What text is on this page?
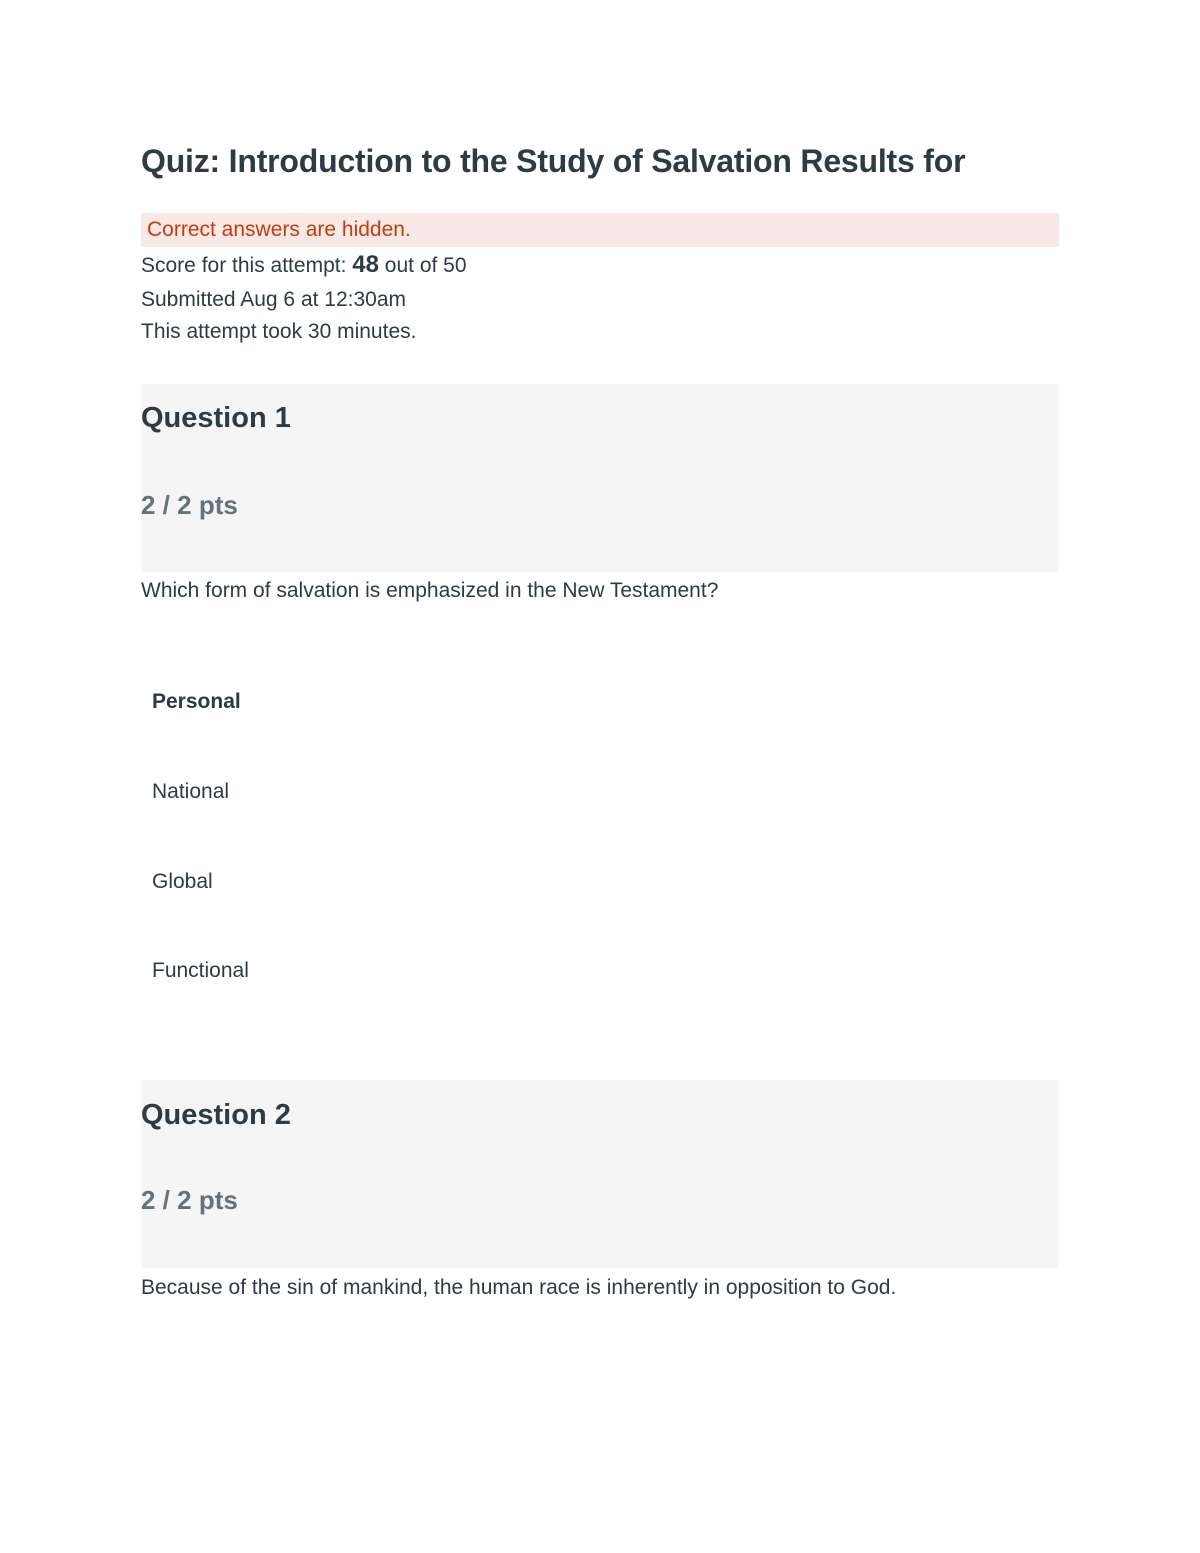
Quiz: Introduction to the Study of Salvation Results for
Correct answers are hidden.
Score for this attempt: 48 out of 50
Submitted Aug 6 at 12:30am
This attempt took 30 minutes.
Question 1
2 / 2 pts
Which form of salvation is emphasized in the New Testament?
Personal
National
Global
Functional
Question 2
2 / 2 pts
Because of the sin of mankind, the human race is inherently in opposition to God.
